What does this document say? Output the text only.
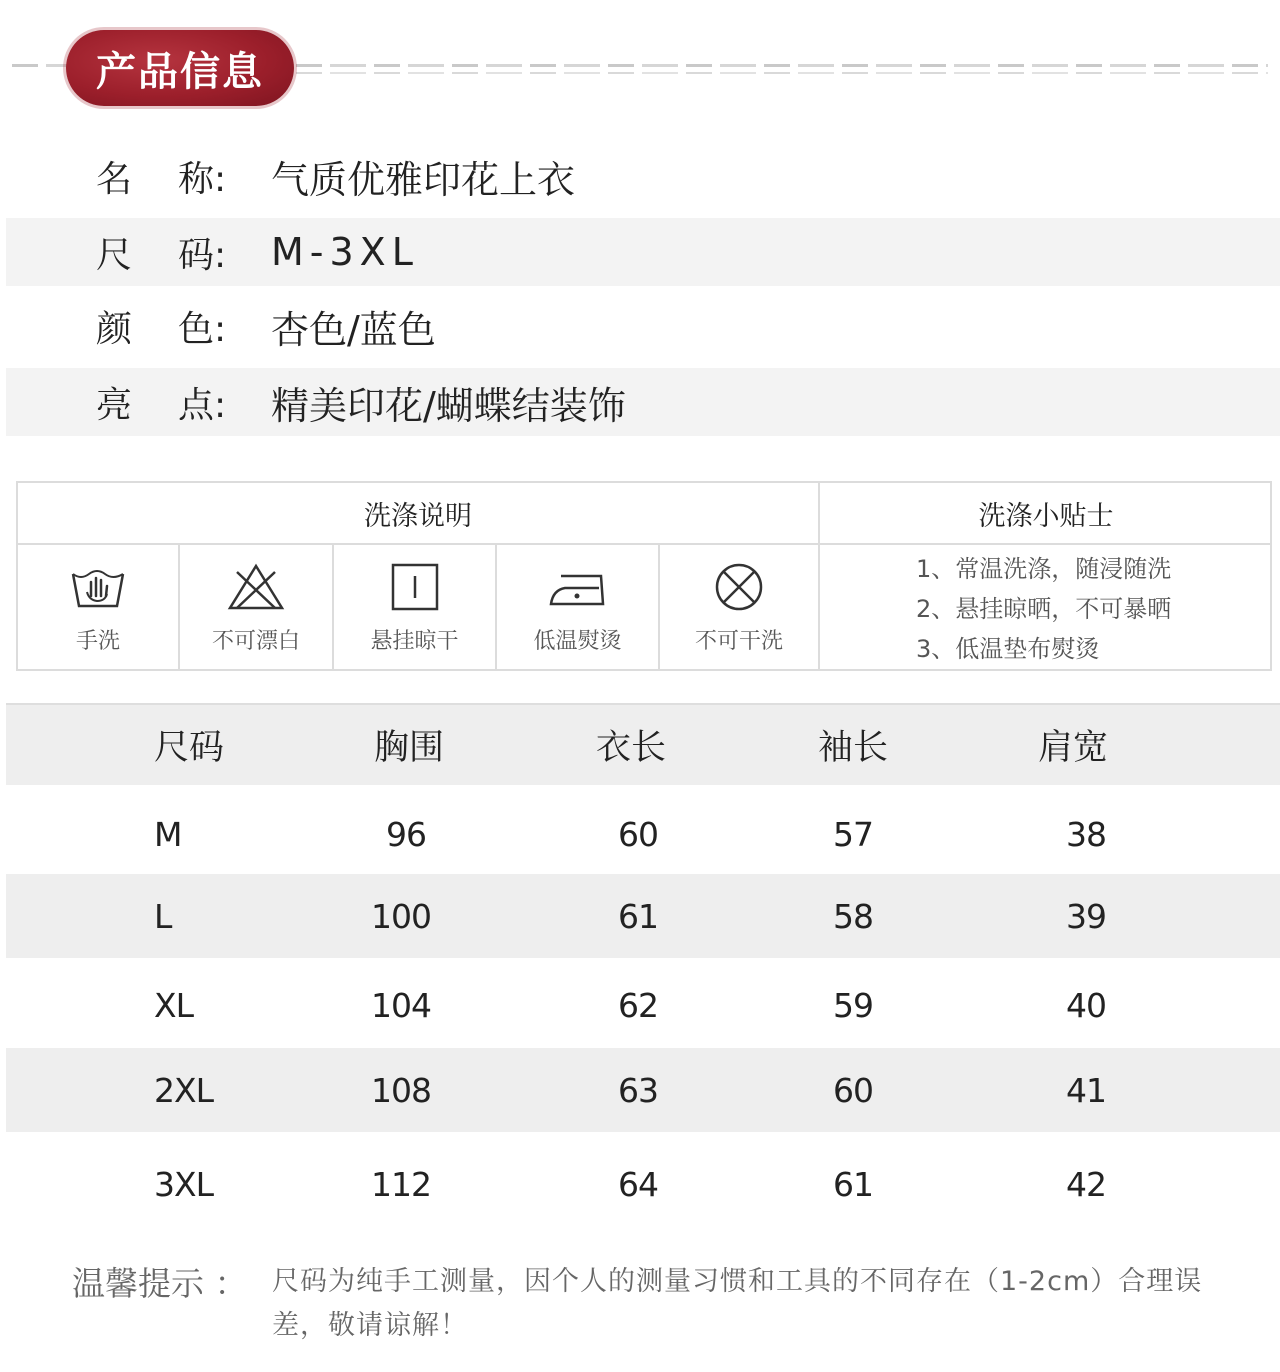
产品信息
名 称:	气质优雅印花上衣
尺 码:	M-3XL
颜 色:	杏色/蓝色
亮 点:	精美印花/蝴蝶结装饰
洗涤说明	洗涤小贴士
手洗	不可漂白	悬挂晾干	低温熨烫	不可干洗
1、常温洗涤，随浸随洗
2、悬挂晾晒，不可暴晒
3、低温垫布熨烫
尺码	胸围	衣长	袖长	肩宽
M	96	60	57	38
L	100	61	58	39
XL	104	62	59	40
2XL	108	63	60	41
3XL	112	64	61	42
温馨提示 ： 尺码为纯手工测量，因个人的测量习惯和工具的不同存在（1-2cm）合理误差，敬请谅解！
